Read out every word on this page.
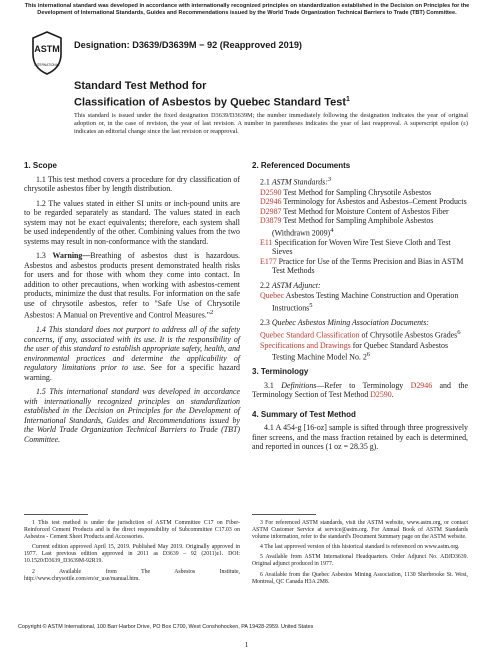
This international standard was developed in accordance with internationally recognized principles on standardization established in the Decision on Principles for the Development of International Standards, Guides and Recommendations issued by the World Trade Organization Technical Barriers to Trade (TBT) Committee.
ASTM
INTERNATIONAL
Designation: D3639/D3639M − 92 (Reapproved 2019)
Standard Test Method for
Classification of Asbestos by Quebec Standard Test$^1$
This standard is issued under the fixed designation D3639/D3639M; the number immediately following the designation indicates the year of original adoption or, in the case of revision, the year of last revision. A number in parentheses indicates the year of last reapproval. A superscript epsilon (ε) indicates an editorial change since the last revision or reapproval.
1. Scope

1.1 This test method covers a procedure for dry classification of chrysotile asbestos fiber by length distribution.

1.2 The values stated in either SI units or inch-pound units are to be regarded separately as standard. The values stated in each system may not be exact equivalents; therefore, each system shall be used independently of the other. Combining values from the two systems may result in non-conformance with the standard.

1.3 Warning—Breathing of asbestos dust is hazardous. Asbestos and asbestos products present demonstrated health risks for users and for those with whom they come into contact. In addition to other precautions, when working with asbestos-cement products, minimize the dust that results. For information on the safe use of chrysotile asbestos, refer to "Safe Use of Chrysotile Asbestos: A Manual on Preventive and Control Measures."$^2$

1.4 This standard does not purport to address all of the safety concerns, if any, associated with its use. It is the responsibility of the user of this standard to establish appropriate safety, health, and environmental practices and determine the applicability of regulatory limitations prior to use. See for a specific hazard warning.

1.5 This international standard was developed in accordance with internationally recognized principles on standardization established in the Decision on Principles for the Development of International Standards, Guides and Recommendations issued by the World Trade Organization Technical Barriers to Trade (TBT) Committee.

2. Referenced Documents
2.1 ASTM Standards:$^3$
D2590 Test Method for Sampling Chrysotile Asbestos
D2946 Terminology for Asbestos and Asbestos–Cement Products
D2987 Test Method for Moisture Content of Asbestos Fiber
D3879 Test Method for Sampling Amphibole Asbestos (Withdrawn 2009)$^4$
E11 Specification for Woven Wire Test Sieve Cloth and Test Sieves
E177 Practice for Use of the Terms Precision and Bias in ASTM Test Methods
2.2 ASTM Adjunct:
Quebec Asbestos Testing Machine Construction and Operation Instructions$^5$
2.3 Quebec Asbestos Mining Association Documents:
Quebec Standard Classification of Chrysotile Asbestos Grades$^6$
Specifications and Drawings for Quebec Standard Asbestos Testing Machine Model No. $2^6$
3. Terminology

3.1 Definitions—Refer to Terminology D2946 and the Terminology Section of Test Method D2590.

4. Summary of Test Method

4.1 A 454-g [16-oz] sample is sifted through three progressively finer screens, and the mass fraction retained by each is determined, and reported in ounces (1 oz = 28.35 g).

1 This test method is under the jurisdiction of ASTM Committee C17 on Fiber-Reinforced Cement Products and is the direct responsibility of Subcommittee C17.03 on Asbestos - Cement Sheet Products and Accessories.

Current edition approved April 15, 2019. Published May 2019. Originally approved in 1977. Last previous edition approved in 2011 as D3639 – 92 (2011)ε1. DOI: 10.1520/D3639_D3639M-92R19.

2 Available from The Asbestos Institute, http://www.chrysotile.com/en/sr_use/manual.htm.

3 For referenced ASTM standards, visit the ASTM website, www.astm.org, or contact ASTM Customer Service at service@astm.org. For Annual Book of ASTM Standards volume information, refer to the standard's Document Summary page on the ASTM website.

4 The last approved version of this historical standard is referenced on www.astm.org.

5 Available from ASTM International Headquarters. Order Adjunct No. ADJD3639. Original adjunct produced in 1977.

6 Available from the Quebec Asbestos Mining Association, 1130 Sherbrooke St. West, Montreal, QC Canada H3A 2M8.

Copyright © ASTM International, 100 Barr Harbor Drive, PO Box C700, West Conshohocken, PA 19428-2959. United States
1
